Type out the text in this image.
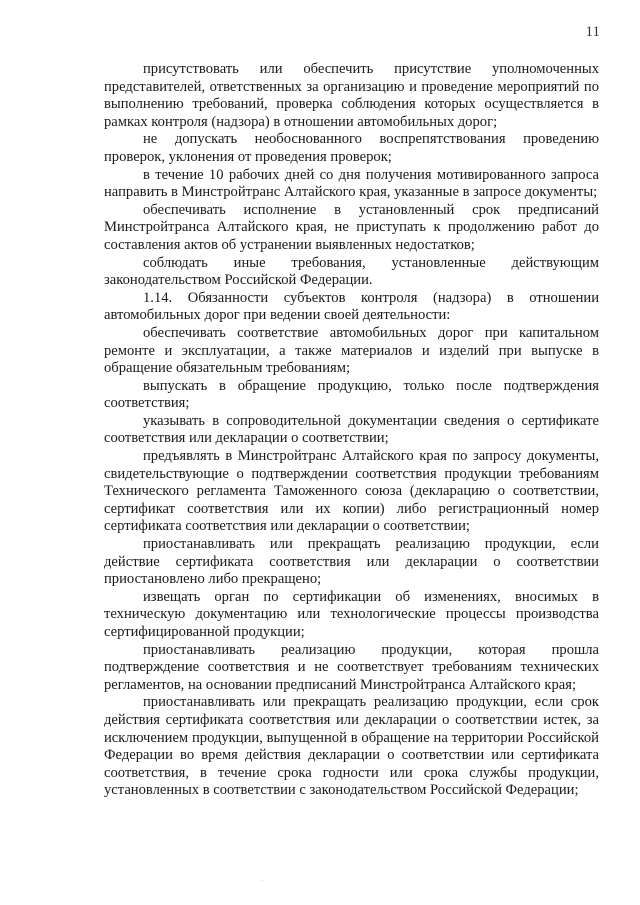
11

присутствовать или обеспечить присутствие уполномоченных представителей, ответственных за организацию и проведение мероприятий по выполнению требований, проверка соблюдения которых осуществляется в рамках контроля (надзора) в отношении автомобильных дорог;

не допускать необоснованного воспрепятствования проведению проверок, уклонения от проведения проверок;

в течение 10 рабочих дней со дня получения мотивированного запроса направить в Минстройтранс Алтайского края, указанные в запросе документы;

обеспечивать исполнение в установленный срок предписаний Минстройтранса Алтайского края, не приступать к продолжению работ до составления актов об устранении выявленных недостатков;

соблюдать иные требования, установленные действующим законодательством Российской Федерации.

1.14. Обязанности субъектов контроля (надзора) в отношении автомобильных дорог при ведении своей деятельности:

обеспечивать соответствие автомобильных дорог при капитальном ремонте и эксплуатации, а также материалов и изделий при выпуске в обращение обязательным требованиям;

выпускать в обращение продукцию, только после подтверждения соответствия;

указывать в сопроводительной документации сведения о сертификате соответствия или декларации о соответствии;

предъявлять в Минстройтранс Алтайского края по запросу документы, свидетельствующие о подтверждении соответствия продукции требованиям Технического регламента Таможенного союза (декларацию о соответствии, сертификат соответствия или их копии) либо регистрационный номер сертификата соответствия или декларации о соответствии;

приостанавливать или прекращать реализацию продукции, если действие сертификата соответствия или декларации о соответствии приостановлено либо прекращено;

извещать орган по сертификации об изменениях, вносимых в техническую документацию или технологические процессы производства сертифицированной продукции;

приостанавливать реализацию продукции, которая прошла подтверждение соответствия и не соответствует требованиям технических регламентов, на основании предписаний Минстройтранса Алтайского края;

приостанавливать или прекращать реализацию продукции, если срок действия сертификата соответствия или декларации о соответствии истек, за исключением продукции, выпущенной в обращение на территории Российской Федерации во время действия декларации о соответствии или сертификата соответствия, в течение срока годности или срока службы продукции, установленных в соответствии с законодательством Российской Федерации;

.
